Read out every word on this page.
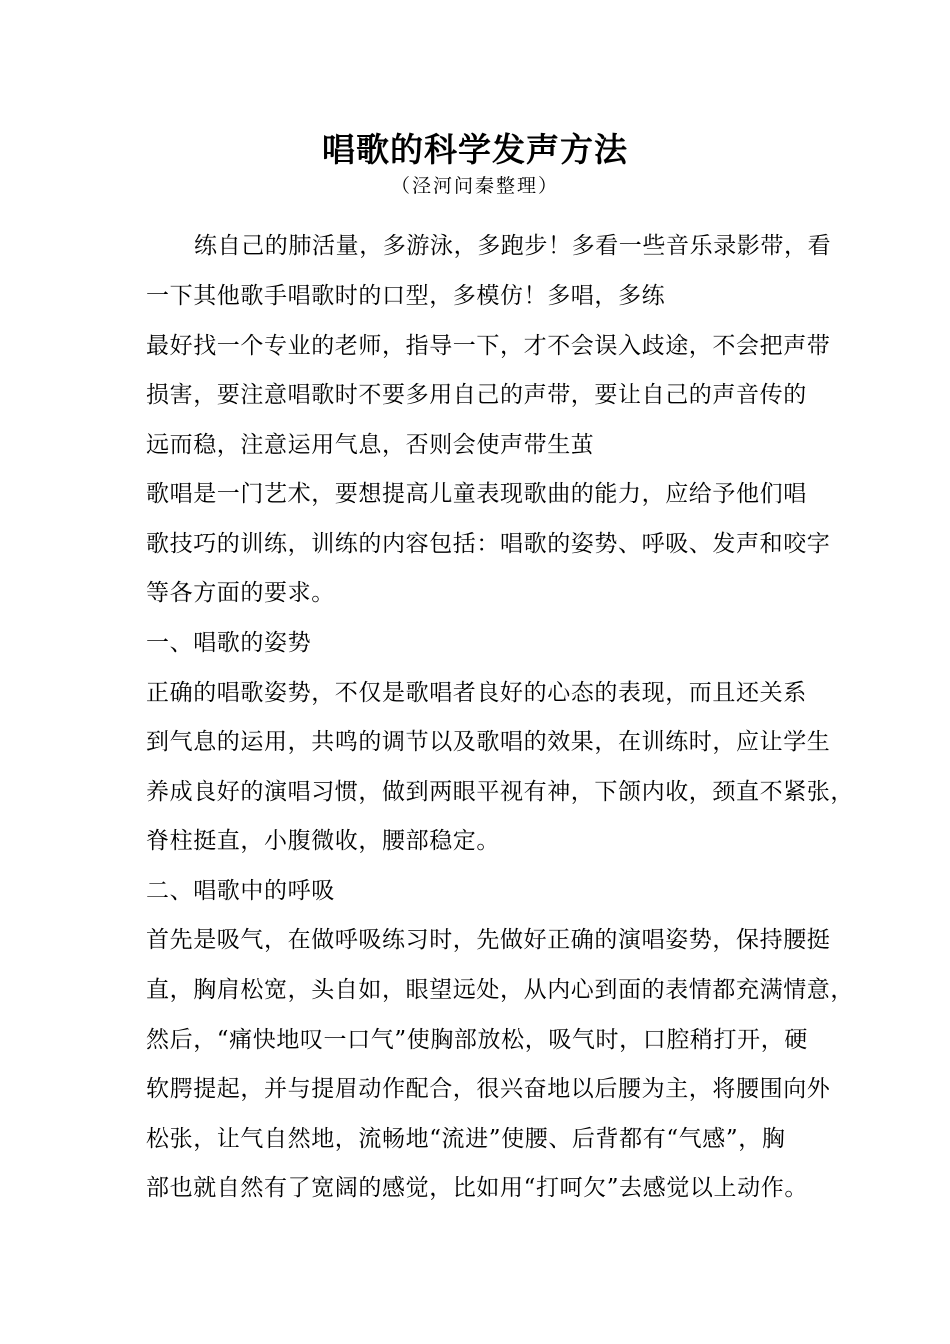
唱歌的科学发声方法
（泾河问秦整理）
练自己的肺活量，多游泳，多跑步！多看一些音乐录影带，看
一下其他歌手唱歌时的口型，多模仿！多唱，多练
最好找一个专业的老师，指导一下，才不会误入歧途，不会把声带
损害，要注意唱歌时不要多用自己的声带，要让自己的声音传的
远而稳，注意运用气息，否则会使声带生茧
歌唱是一门艺术，要想提高儿童表现歌曲的能力，应给予他们唱
歌技巧的训练，训练的内容包括：唱歌的姿势、呼吸、发声和咬字
等各方面的要求。
一、唱歌的姿势
正确的唱歌姿势，不仅是歌唱者良好的心态的表现，而且还关系
到气息的运用，共鸣的调节以及歌唱的效果，在训练时，应让学生
养成良好的演唱习惯，做到两眼平视有神，下颌内收，颈直不紧张，
脊柱挺直，小腹微收，腰部稳定。
二、唱歌中的呼吸
首先是吸气，在做呼吸练习时，先做好正确的演唱姿势，保持腰挺
直，胸肩松宽，头自如，眼望远处，从内心到面的表情都充满情意，
然后，“痛快地叹一口气”使胸部放松，吸气时，口腔稍打开，硬
软腭提起，并与提眉动作配合，很兴奋地以后腰为主，将腰围向外
松张，让气自然地，流畅地“流进”使腰、后背都有“气感”，胸
部也就自然有了宽阔的感觉，比如用“打呵欠”去感觉以上动作。
